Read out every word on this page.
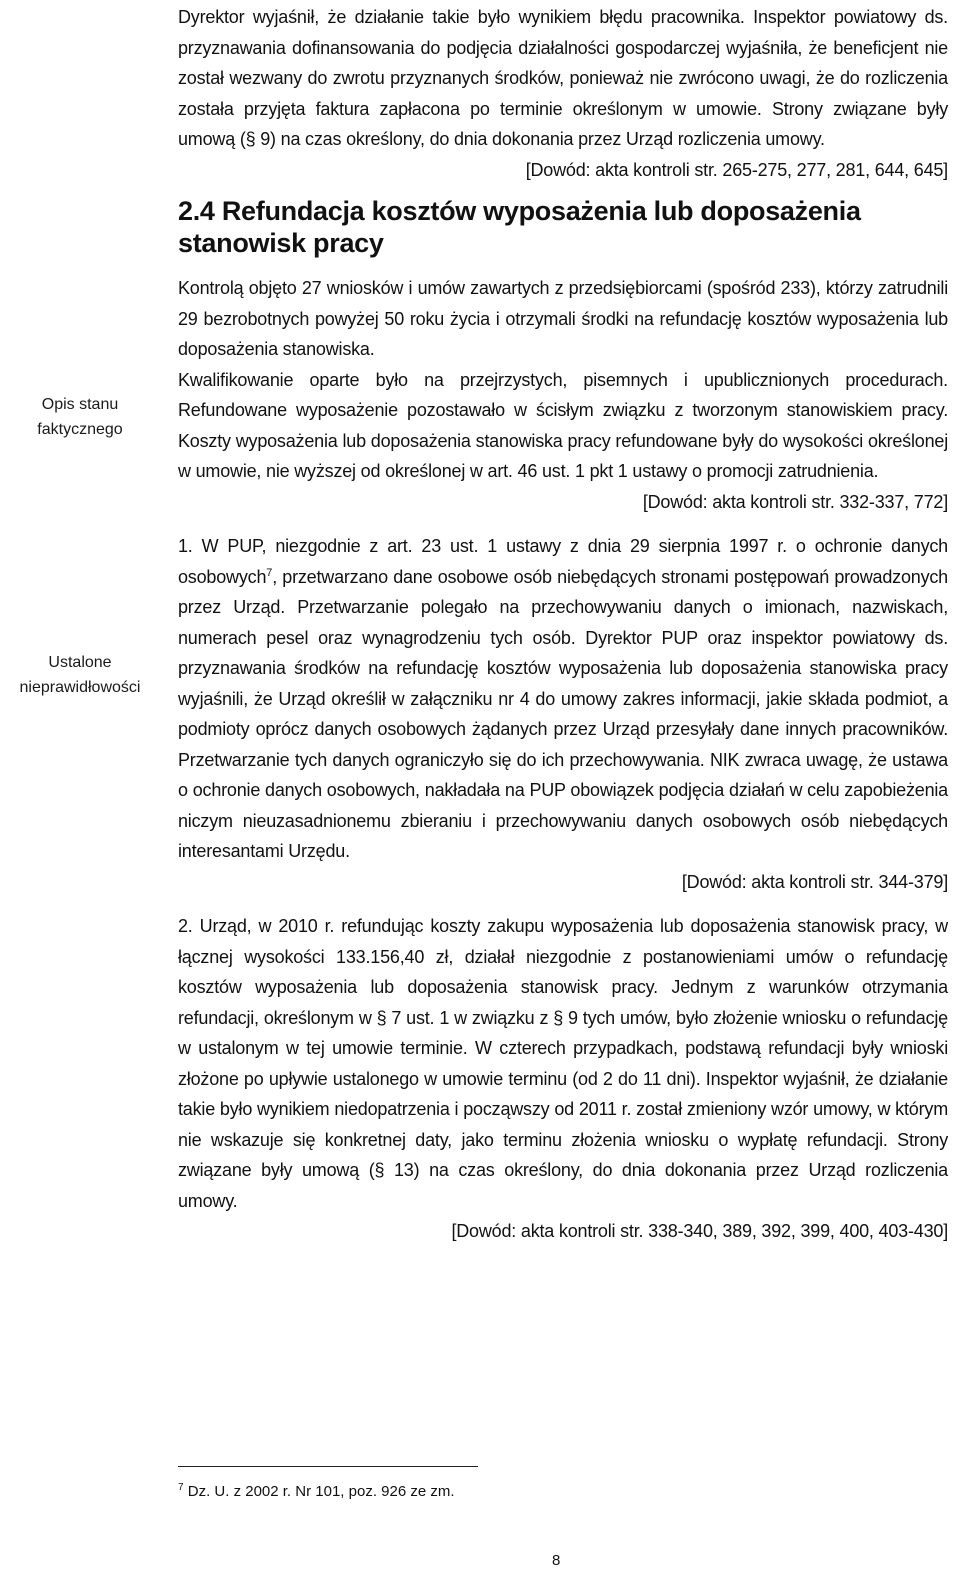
Opis stanu
faktycznego
Ustalone
nieprawidłowości

Dyrektor wyjaśnił, że działanie takie było wynikiem błędu pracownika. Inspektor powiatowy ds. przyznawania dofinansowania do podjęcia działalności gospodarczej wyjaśniła, że beneficjent nie został wezwany do zwrotu przyznanych środków, ponieważ nie zwrócono uwagi, że do rozliczenia została przyjęta faktura zapłacona po terminie określonym w umowie. Strony związane były umową (§ 9) na czas określony, do dnia dokonania przez Urząd rozliczenia umowy.

[Dowód: akta kontroli str. 265-275, 277, 281, 644, 645]

2.4 Refundacja kosztów wyposażenia lub doposażenia stanowisk pracy

Kontrolą objęto 27 wniosków i umów zawartych z przedsiębiorcami (spośród 233), którzy zatrudnili 29 bezrobotnych powyżej 50 roku życia i otrzymali środki na refundację kosztów wyposażenia lub doposażenia stanowiska.

Kwalifikowanie oparte było na przejrzystych, pisemnych i upublicznionych procedurach. Refundowane wyposażenie pozostawało w ścisłym związku z tworzonym stanowiskiem pracy. Koszty wyposażenia lub doposażenia stanowiska pracy refundowane były do wysokości określonej w umowie, nie wyższej od określonej w art. 46 ust. 1 pkt 1 ustawy o promocji zatrudnienia.

[Dowód: akta kontroli str. 332-337, 772]

1. W PUP, niezgodnie z art. 23 ust. 1 ustawy z dnia 29 sierpnia 1997 r. o ochronie danych osobowych$^7$, przetwarzano dane osobowe osób niebędących stronami postępowań prowadzonych przez Urząd. Przetwarzanie polegało na przechowywaniu danych o imionach, nazwiskach, numerach pesel oraz wynagrodzeniu tych osób. Dyrektor PUP oraz inspektor powiatowy ds. przyznawania środków na refundację kosztów wyposażenia lub doposażenia stanowiska pracy wyjaśnili, że Urząd określił w załączniku nr 4 do umowy zakres informacji, jakie składa podmiot, a podmioty oprócz danych osobowych żądanych przez Urząd przesyłały dane innych pracowników. Przetwarzanie tych danych ograniczyło się do ich przechowywania. NIK zwraca uwagę, że ustawa o ochronie danych osobowych, nakładała na PUP obowiązek podjęcia działań w celu zapobieżenia niczym nieuzasadnionemu zbieraniu i przechowywaniu danych osobowych osób niebędących interesantami Urzędu.

[Dowód: akta kontroli str. 344-379]

2. Urząd, w 2010 r. refundując koszty zakupu wyposażenia lub doposażenia stanowisk pracy, w łącznej wysokości 133.156,40 zł, działał niezgodnie z postanowieniami umów o refundację kosztów wyposażenia lub doposażenia stanowisk pracy. Jednym z warunków otrzymania refundacji, określonym w § 7 ust. 1 w związku z § 9 tych umów, było złożenie wniosku o refundację w ustalonym w tej umowie terminie. W czterech przypadkach, podstawą refundacji były wnioski złożone po upływie ustalonego w umowie terminu (od 2 do 11 dni). Inspektor wyjaśnił, że działanie takie było wynikiem niedopatrzenia i począwszy od 2011 r. został zmieniony wzór umowy, w którym nie wskazuje się konkretnej daty, jako terminu złożenia wniosku o wypłatę refundacji. Strony związane były umową (§ 13) na czas określony, do dnia dokonania przez Urząd rozliczenia umowy.

[Dowód: akta kontroli str. 338-340, 389, 392, 399, 400, 403-430]

$^7$ Dz. U. z 2002 r. Nr 101, poz. 926 ze zm.
8
